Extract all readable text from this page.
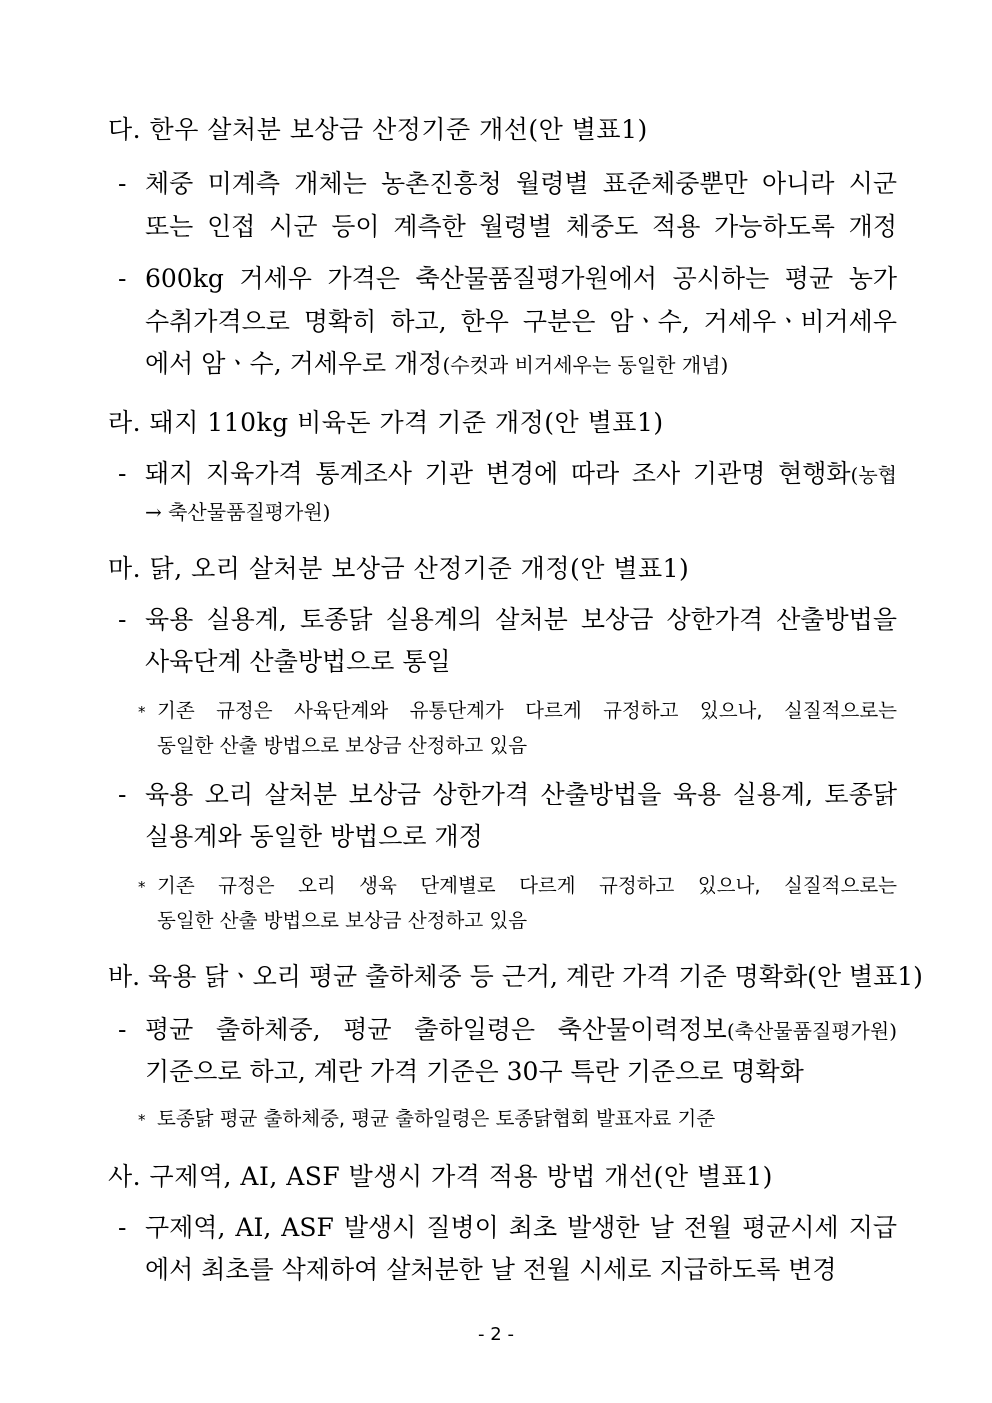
다. 한우 살처분 보상금 산정기준 개선(안 별표1)
- 체중 미계측 개체는 농촌진흥청 월령별 표준체중뿐만 아니라 시군
또는 인접 시군 등이 계측한 월령별 체중도 적용 가능하도록 개정
- 600kg 거세우 가격은 축산물품질평가원에서 공시하는 평균 농가
수취가격으로 명확히 하고, 한우 구분은 암ㆍ수, 거세우ㆍ비거세우
에서 암ㆍ수, 거세우로 개정(수컷과 비거세우는 동일한 개념)
라. 돼지 110kg 비육돈 가격 기준 개정(안 별표1)
- 돼지 지육가격 통계조사 기관 변경에 따라 조사 기관명 현행화(농협
→ 축산물품질평가원)
마. 닭, 오리 살처분 보상금 산정기준 개정(안 별표1)
- 육용 실용계, 토종닭 실용계의 살처분 보상금 상한가격 산출방법을
사육단계 산출방법으로 통일
* 기존 규정은 사육단계와 유통단계가 다르게 규정하고 있으나, 실질적으로는
동일한 산출 방법으로 보상금 산정하고 있음
- 육용 오리 살처분 보상금 상한가격 산출방법을 육용 실용계, 토종닭
실용계와 동일한 방법으로 개정
* 기존 규정은 오리 생육 단계별로 다르게 규정하고 있으나, 실질적으로는
동일한 산출 방법으로 보상금 산정하고 있음
바. 육용 닭ㆍ오리 평균 출하체중 등 근거, 계란 가격 기준 명확화(안 별표1)
- 평균 출하체중, 평균 출하일령은 축산물이력정보(축산물품질평가원)
기준으로 하고, 계란 가격 기준은 30구 특란 기준으로 명확화
* 토종닭 평균 출하체중, 평균 출하일령은 토종닭협회 발표자료 기준
사. 구제역, AI, ASF 발생시 가격 적용 방법 개선(안 별표1)
- 구제역, AI, ASF 발생시 질병이 최초 발생한 날 전월 평균시세 지급
에서 최초를 삭제하여 살처분한 날 전월 시세로 지급하도록 변경
- 2 -
